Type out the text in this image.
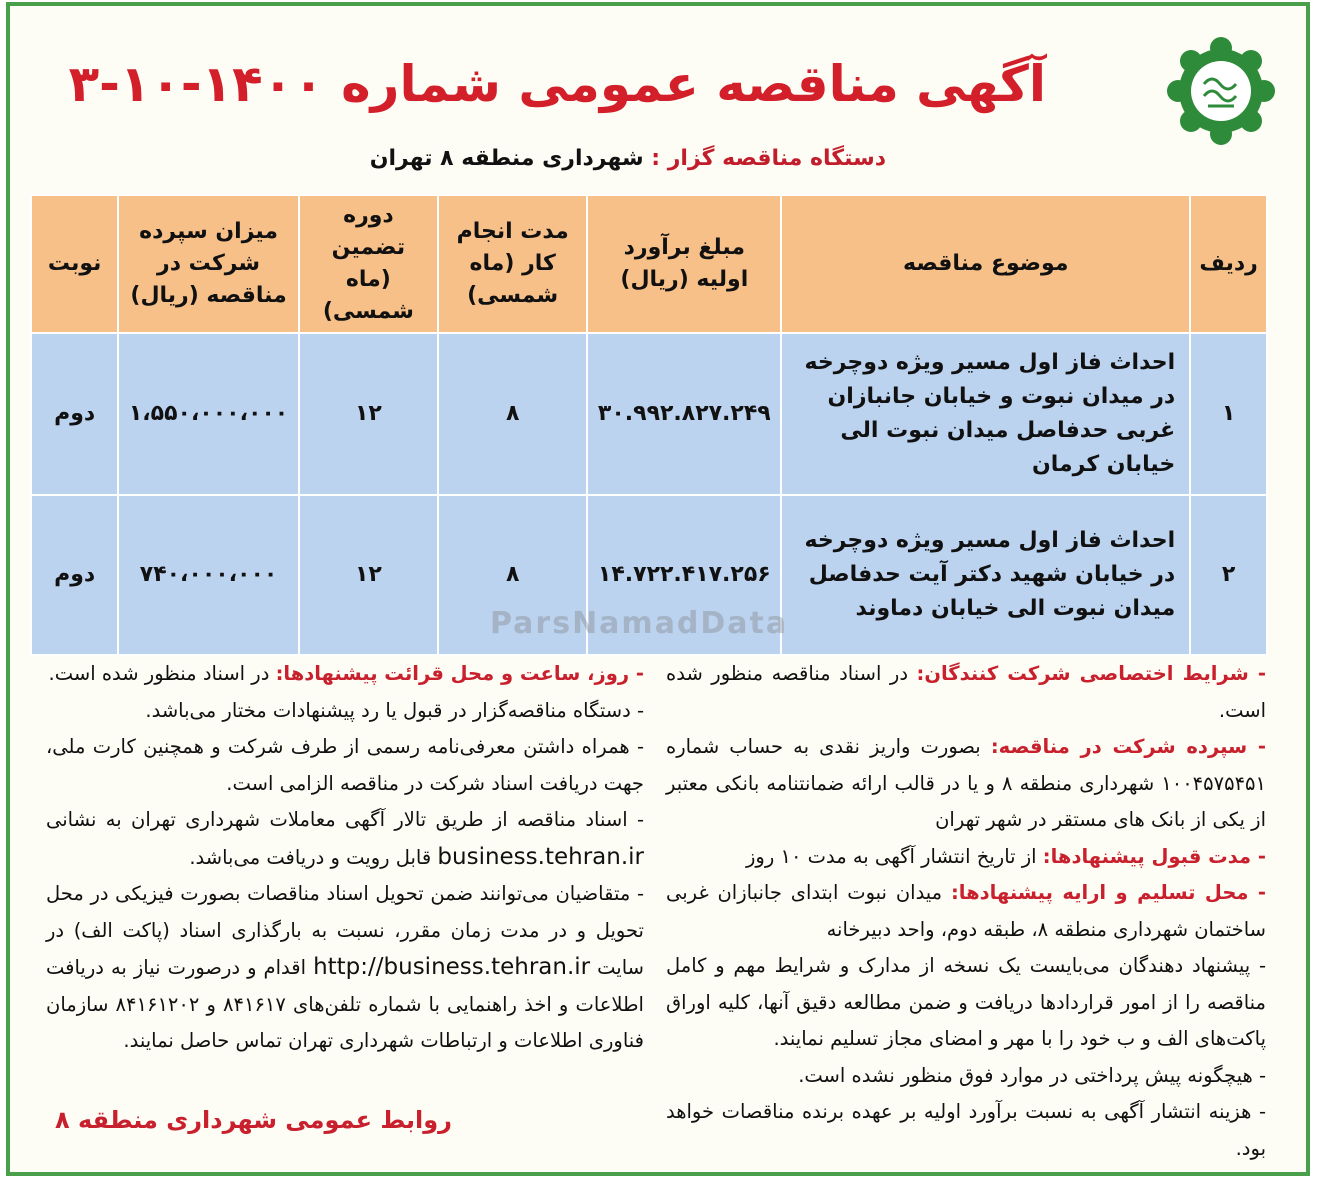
آگهی مناقصه عمومی شماره ۳-۱۰-۱۴۰۰
دستگاه مناقصه گزار : شهرداری منطقه ۸ تهران
ردیف	موضوع مناقصه	مبلغ برآورد اولیه (ریال)	مدت انجام کار (ماه شمسی)	دوره تضمین (ماه شمسی)	میزان سپرده شرکت در مناقصه (ریال)	نوبت
۱	احداث فاز اول مسیر ویژه دوچرخه در میدان نبوت و خیابان جانبازان غربی حدفاصل میدان نبوت الی خیابان کرمان	۳۰.۹۹۲.۸۲۷.۲۴۹	۸	۱۲	۱،۵۵۰،۰۰۰،۰۰۰	دوم
۲	احداث فاز اول مسیر ویژه دوچرخه در خیابان شهید دکتر آیت حدفاصل میدان نبوت الی خیابان دماوند	۱۴.۷۲۲.۴۱۷.۲۵۶	۸	۱۲	۷۴۰،۰۰۰،۰۰۰	دوم
ParsNamadData

- شرایط اختصاصی شرکت کنندگان: در اسناد مناقصه منظور شده است.

- سپرده شرکت در مناقصه: بصورت واریز نقدی به حساب شماره ۱۰۰۴۵۷۵۴۵۱ شهرداری منطقه ۸ و یا در قالب ارائه ضمانتنامه بانکی معتبر از یکی از بانک های مستقر در شهر تهران

- مدت قبول پیشنهادها: از تاریخ انتشار آگهی به مدت ۱۰ روز

- محل تسلیم و ارایه پیشنهادها: میدان نبوت ابتدای جانبازان غربی ساختمان شهرداری منطقه ۸، طبقه دوم، واحد دبیرخانه

- پیشنهاد دهندگان می‌بایست یک نسخه از مدارک و شرایط مهم و کامل مناقصه را از امور قراردادها دریافت و ضمن مطالعه دقیق آنها، کلیه اوراق پاکت‌های الف و ب خود را با مهر و امضای مجاز تسلیم نمایند.

- هیچگونه پیش پرداختی در موارد فوق منظور نشده است.

- هزینه انتشار آگهی به نسبت برآورد اولیه بر عهده برنده مناقصات خواهد بود.

- روز، ساعت و محل قرائت پیشنهادها: در اسناد منظور شده است.

- دستگاه مناقصه‌گزار در قبول یا رد پیشنهادات مختار می‌باشد.

- همراه داشتن معرفی‌نامه رسمی از طرف شرکت و همچنین کارت ملی، جهت دریافت اسناد شرکت در مناقصه الزامی است.

- اسناد مناقصه از طریق تالار آگهی معاملات شهرداری تهران به نشانی business.tehran.ir قابل رویت و دریافت می‌باشد.

- متقاضیان می‌توانند ضمن تحویل اسناد مناقصات بصورت فیزیکی در محل تحویل و در مدت زمان مقرر، نسبت به بارگذاری اسناد (پاکت الف) در سایت http://business.tehran.ir اقدام و درصورت نیاز به دریافت اطلاعات و اخذ راهنمایی با شماره تلفن‌های ۸۴۱۶۱۷ و ۸۴۱۶۱۲۰۲ سازمان فناوری اطلاعات و ارتباطات شهرداری تهران تماس حاصل نمایند.

روابط عمومی شهرداری منطقه ۸
